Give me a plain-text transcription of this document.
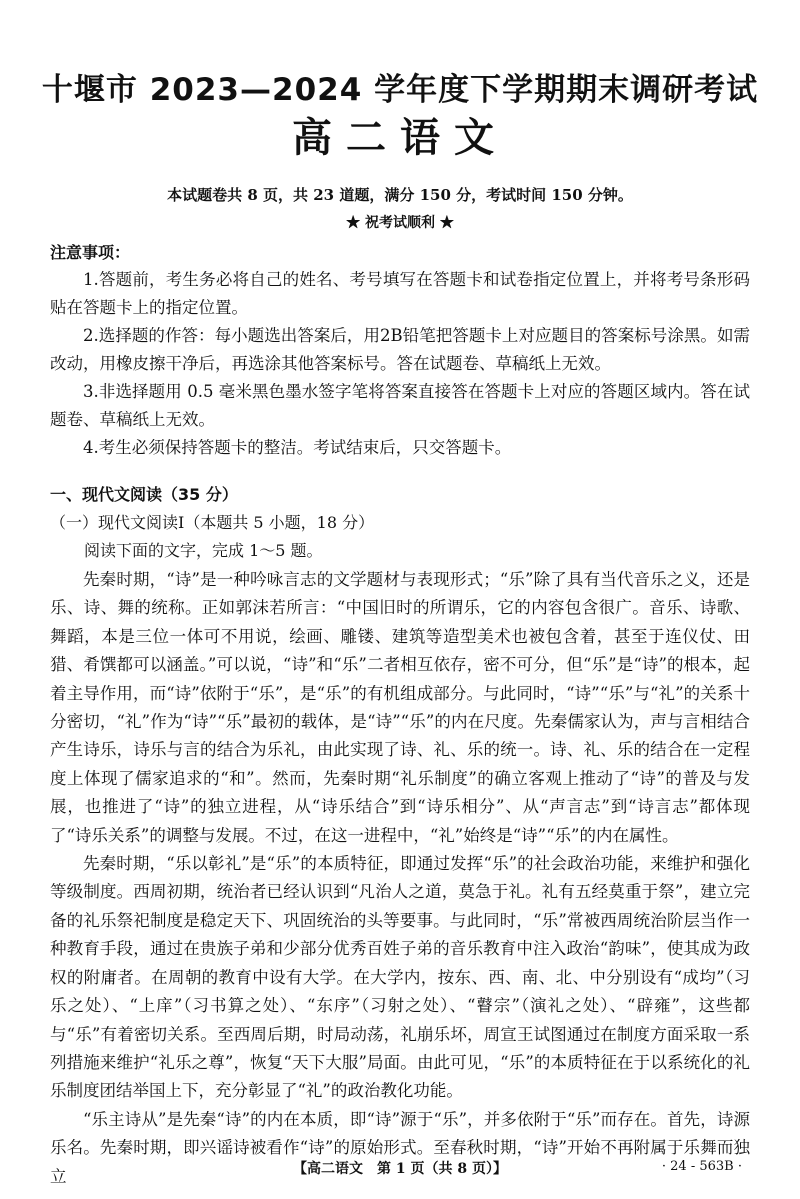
十堰市 2023—2024 学年度下学期期末调研考试
高二语文
本试题卷共 8 页，共 23 道题，满分 150 分，考试时间 150 分钟。
★ 祝考试顺利 ★
注意事项：

1.答题前，考生务必将自己的姓名、考号填写在答题卡和试卷指定位置上，并将考号条形码贴在答题卡上的指定位置。

2.选择题的作答：每小题选出答案后，用2B铅笔把答题卡上对应题目的答案标号涂黑。如需改动，用橡皮擦干净后，再选涂其他答案标号。答在试题卷、草稿纸上无效。

3.非选择题用 0.5 毫米黑色墨水签字笔将答案直接答在答题卡上对应的答题区域内。答在试题卷、草稿纸上无效。

4.考生必须保持答题卡的整洁。考试结束后，只交答题卡。

一、现代文阅读（35 分）
（一）现代文阅读Ⅰ（本题共 5 小题，18 分）
阅读下面的文字，完成 1～5 题。

先秦时期，“诗”是一种吟咏言志的文学题材与表现形式；“乐”除了具有当代音乐之义，还是乐、诗、舞的统称。正如郭沫若所言：“中国旧时的所谓乐，它的内容包含很广。音乐、诗歌、舞蹈，本是三位一体可不用说，绘画、雕镂、建筑等造型美术也被包含着，甚至于连仪仗、田猎、肴馔都可以涵盖。”可以说，“诗”和“乐”二者相互依存，密不可分，但“乐”是“诗”的根本，起着主导作用，而“诗”依附于“乐”，是“乐”的有机组成部分。与此同时，“诗”“乐”与“礼”的关系十分密切，“礼”作为“诗”“乐”最初的载体，是“诗”“乐”的内在尺度。先秦儒家认为，声与言相结合产生诗乐，诗乐与言的结合为乐礼，由此实现了诗、礼、乐的统一。诗、礼、乐的结合在一定程度上体现了儒家追求的“和”。然而，先秦时期“礼乐制度”的确立客观上推动了“诗”的普及与发展，也推进了“诗”的独立进程，从“诗乐结合”到“诗乐相分”、从“声言志”到“诗言志”都体现了“诗乐关系”的调整与发展。不过，在这一进程中，“礼”始终是“诗”“乐”的内在属性。

先秦时期，“乐以彰礼”是“乐”的本质特征，即通过发挥“乐”的社会政治功能，来维护和强化等级制度。西周初期，统治者已经认识到“凡治人之道，莫急于礼。礼有五经莫重于祭”，建立完备的礼乐祭祀制度是稳定天下、巩固统治的头等要事。与此同时，“乐”常被西周统治阶层当作一种教育手段，通过在贵族子弟和少部分优秀百姓子弟的音乐教育中注入政治“韵味”，使其成为政权的附庸者。在周朝的教育中设有大学。在大学内，按东、西、南、北、中分别设有“成均”（习乐之处）、“上庠”（习书算之处）、“东序”（习射之处）、“瞽宗”（演礼之处）、“辟雍”，这些都与“乐”有着密切关系。至西周后期，时局动荡，礼崩乐坏，周宣王试图通过在制度方面采取一系列措施来维护“礼乐之尊”，恢复“天下大服”局面。由此可见，“乐”的本质特征在于以系统化的礼乐制度团结举国上下，充分彰显了“礼”的政治教化功能。

“乐主诗从”是先秦“诗”的内在本质，即“诗”源于“乐”，并多依附于“乐”而存在。首先，诗源乐名。先秦时期，即兴谣诗被看作“诗”的原始形式。至春秋时期，“诗”开始不再附属于乐舞而独立	【高二语文　第 1 页（共 8 页）】	· 24 - 563B ·
